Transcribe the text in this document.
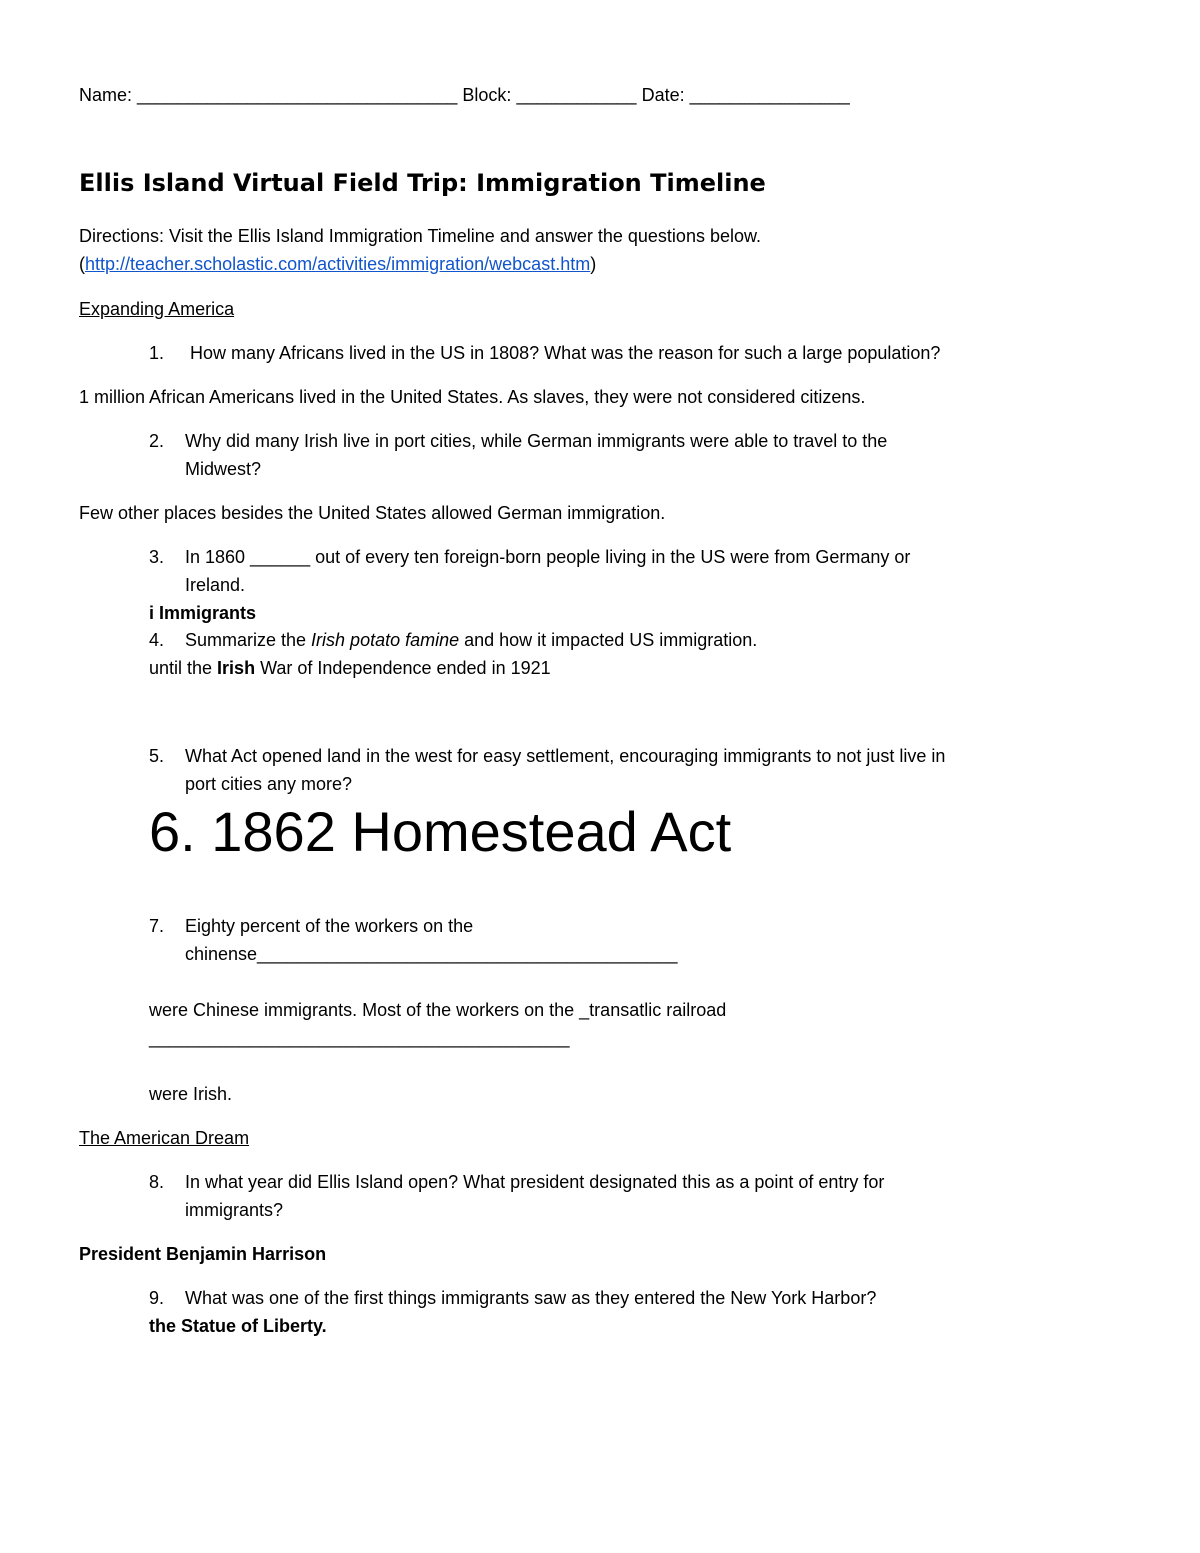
Name: ________________________________ Block: ____________ Date: ________________
Ellis Island Virtual Field Trip: Immigration Timeline
Directions: Visit the Ellis Island Immigration Timeline and answer the questions below.
(http://teacher.scholastic.com/activities/immigration/webcast.htm)
Expanding America
1. How many Africans lived in the US in 1808? What was the reason for such a large population?
1 million African Americans lived in the United States. As slaves, they were not considered citizens.
2. Why did many Irish live in port cities, while German immigrants were able to travel to the
Midwest?
Few other places besides the United States allowed German immigration.
3. In 1860 ______ out of every ten foreign-born people living in the US were from Germany or
Ireland.
i Immigrants
4. Summarize the Irish potato famine and how it impacted US immigration.
until the Irish War of Independence ended in 1921
5. What Act opened land in the west for easy settlement, encouraging immigrants to not just live in
port cities any more?
6. 1862 Homestead Act
7. Eighty percent of the workers on the
chinense__________________________________________
were Chinese immigrants. Most of the workers on the _transatlic railroad
__________________________________________
were Irish.
The American Dream
8. In what year did Ellis Island open? What president designated this as a point of entry for
immigrants?
President Benjamin Harrison
9. What was one of the first things immigrants saw as they entered the New York Harbor?
the Statue of Liberty.
